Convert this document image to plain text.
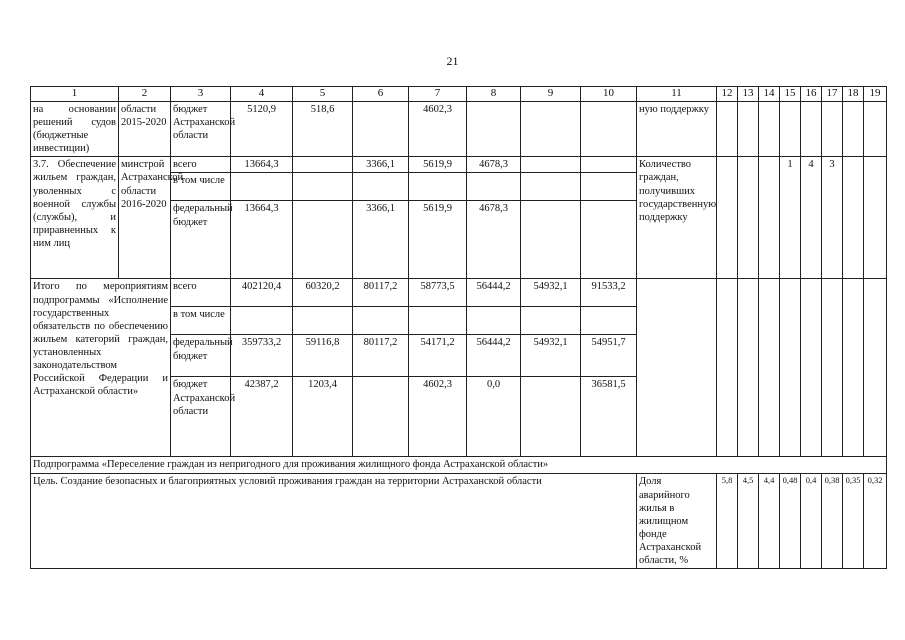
21
1	2	3	4	5	6	7	8	9	10	11	12	13	14	15	16	17	18	19
на основании решений судов (бюджетные инвестиции)	области 2015-2020	бюджет Астраханской области	5120,9	518,6		4602,3				ную поддержку								
3.7. Обеспечение жильем граждан, уволенных с военной службы (службы), и приравненных к ним лиц	минстрой Астраханской области 2016-2020	всего	13664,3		3366,1	5619,9	4678,3			Количество граждан, получивших государственную поддержку				1	4	3		
		в том числе																
		федеральный бюджет	13664,3		3366,1	5619,9	4678,3											
Итого по мероприятиям подпрограммы «Исполнение государственных обязательств по обеспечению жильем категорий граждан, установленных законодательством Российской Федерации и Астраханской области»		всего	402120,4	60320,2	80117,2	58773,5	56444,2	54932,1	91533,2									
		в том числе																
		федеральный бюджет	359733,2	59116,8	80117,2	54171,2	56444,2	54932,1	54951,7									
		бюджет Астраханской области	42387,2	1203,4		4602,3	0,0		36581,5									
Подпрограмма «Переселение граждан из непригодного для проживания жилищного фонда Астраханской области»																		
Цель. Создание безопасных и благоприятных условий проживания граждан на территории Астраханской области										Доля аварийного жилья в жилищном фонде Астраханской области, %	5,8	4,5	4,4	0,48	0,4	0,38	0,35	0,32
